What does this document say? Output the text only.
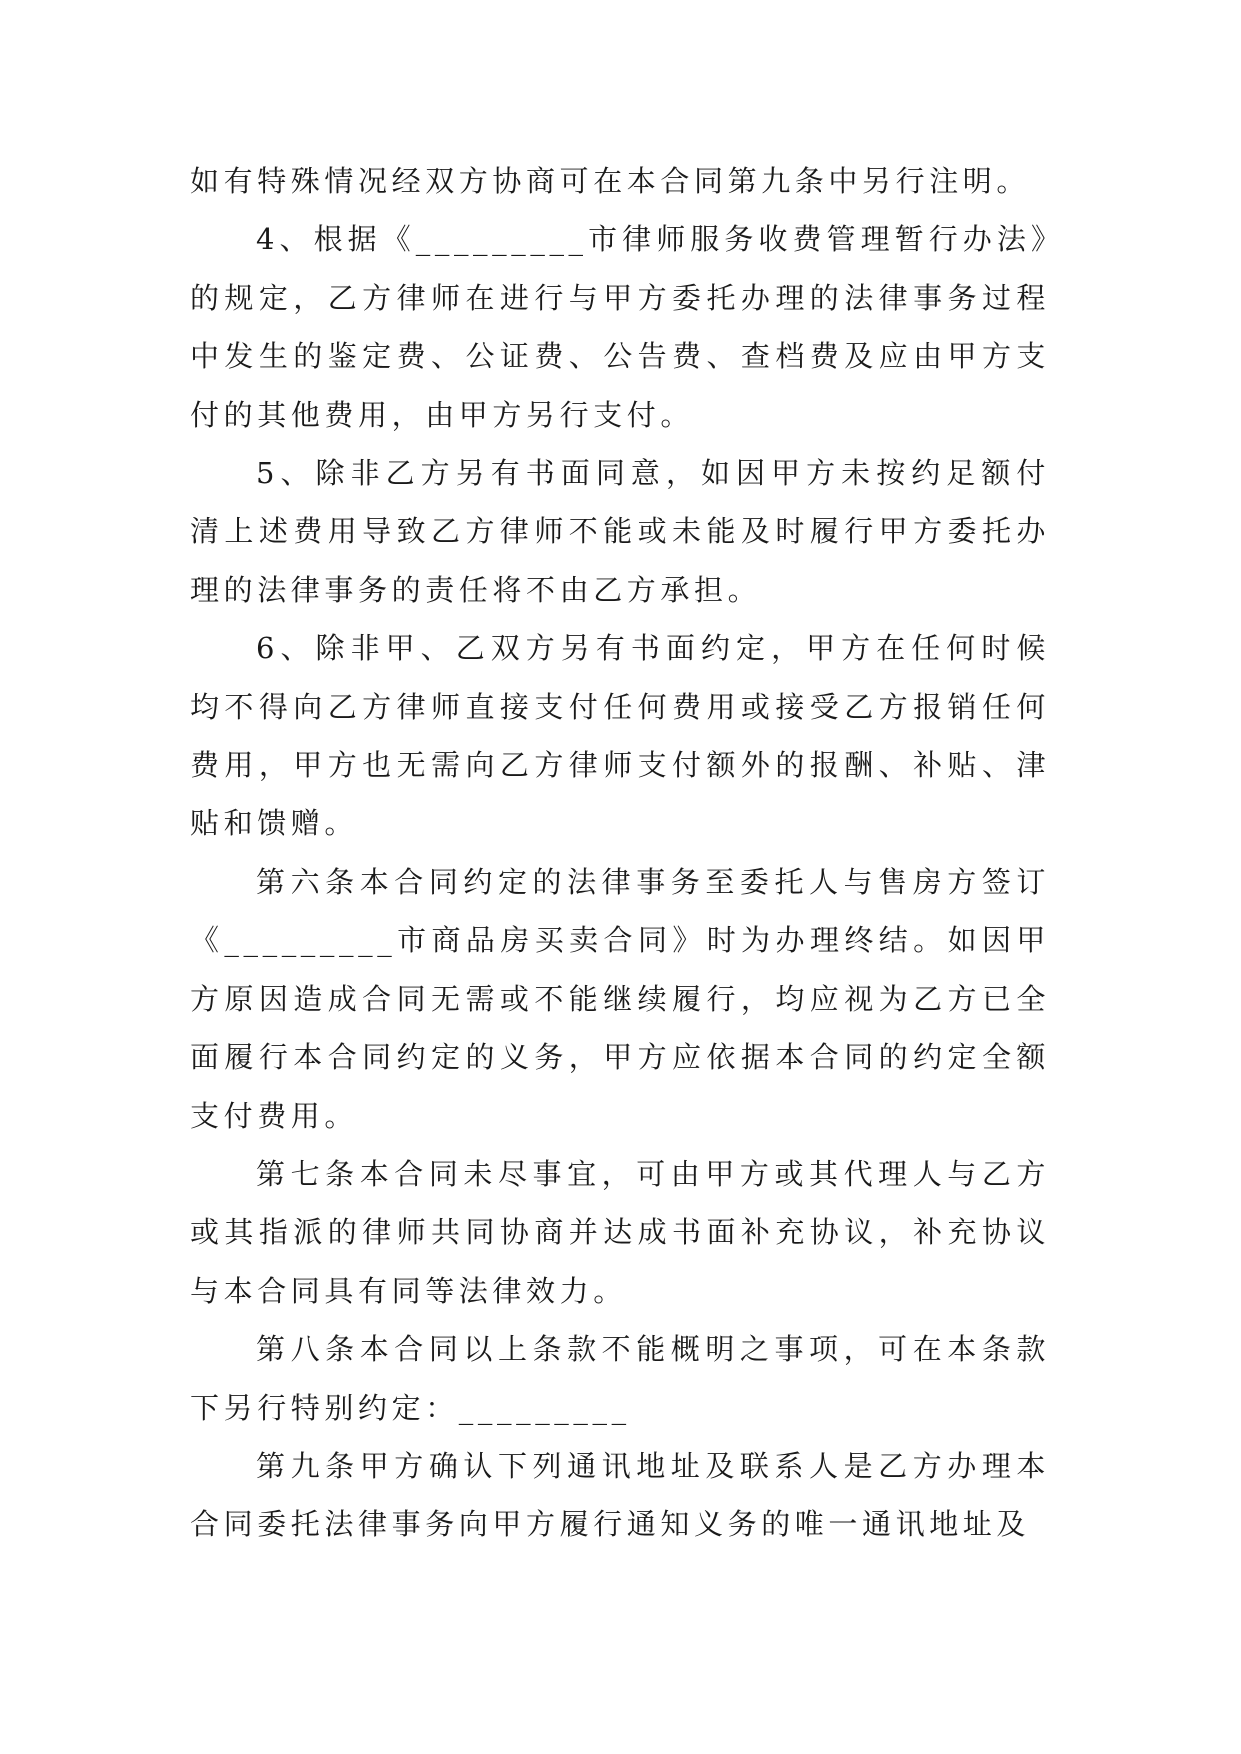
如有特殊情况经双方协商可在本合同第九条中另行注明。

4、根据《_________市律师服务收费管理暂行办法》的规定，乙方律师在进行与甲方委托办理的法律事务过程中发生的鉴定费、公证费、公告费、查档费及应由甲方支付的其他费用，由甲方另行支付。

5、除非乙方另有书面同意，如因甲方未按约足额付清上述费用导致乙方律师不能或未能及时履行甲方委托办理的法律事务的责任将不由乙方承担。

6、除非甲、乙双方另有书面约定，甲方在任何时候均不得向乙方律师直接支付任何费用或接受乙方报销任何费用，甲方也无需向乙方律师支付额外的报酬、补贴、津贴和馈赠。

第六条本合同约定的法律事务至委托人与售房方签订《_________市商品房买卖合同》时为办理终结。如因甲方原因造成合同无需或不能继续履行，均应视为乙方已全面履行本合同约定的义务，甲方应依据本合同的约定全额支付费用。

第七条本合同未尽事宜，可由甲方或其代理人与乙方或其指派的律师共同协商并达成书面补充协议，补充协议与本合同具有同等法律效力。

第八条本合同以上条款不能概明之事项，可在本条款下另行特别约定：_________

第九条甲方确认下列通讯地址及联系人是乙方办理本合同委托法律事务向甲方履行通知义务的唯一通讯地址及
